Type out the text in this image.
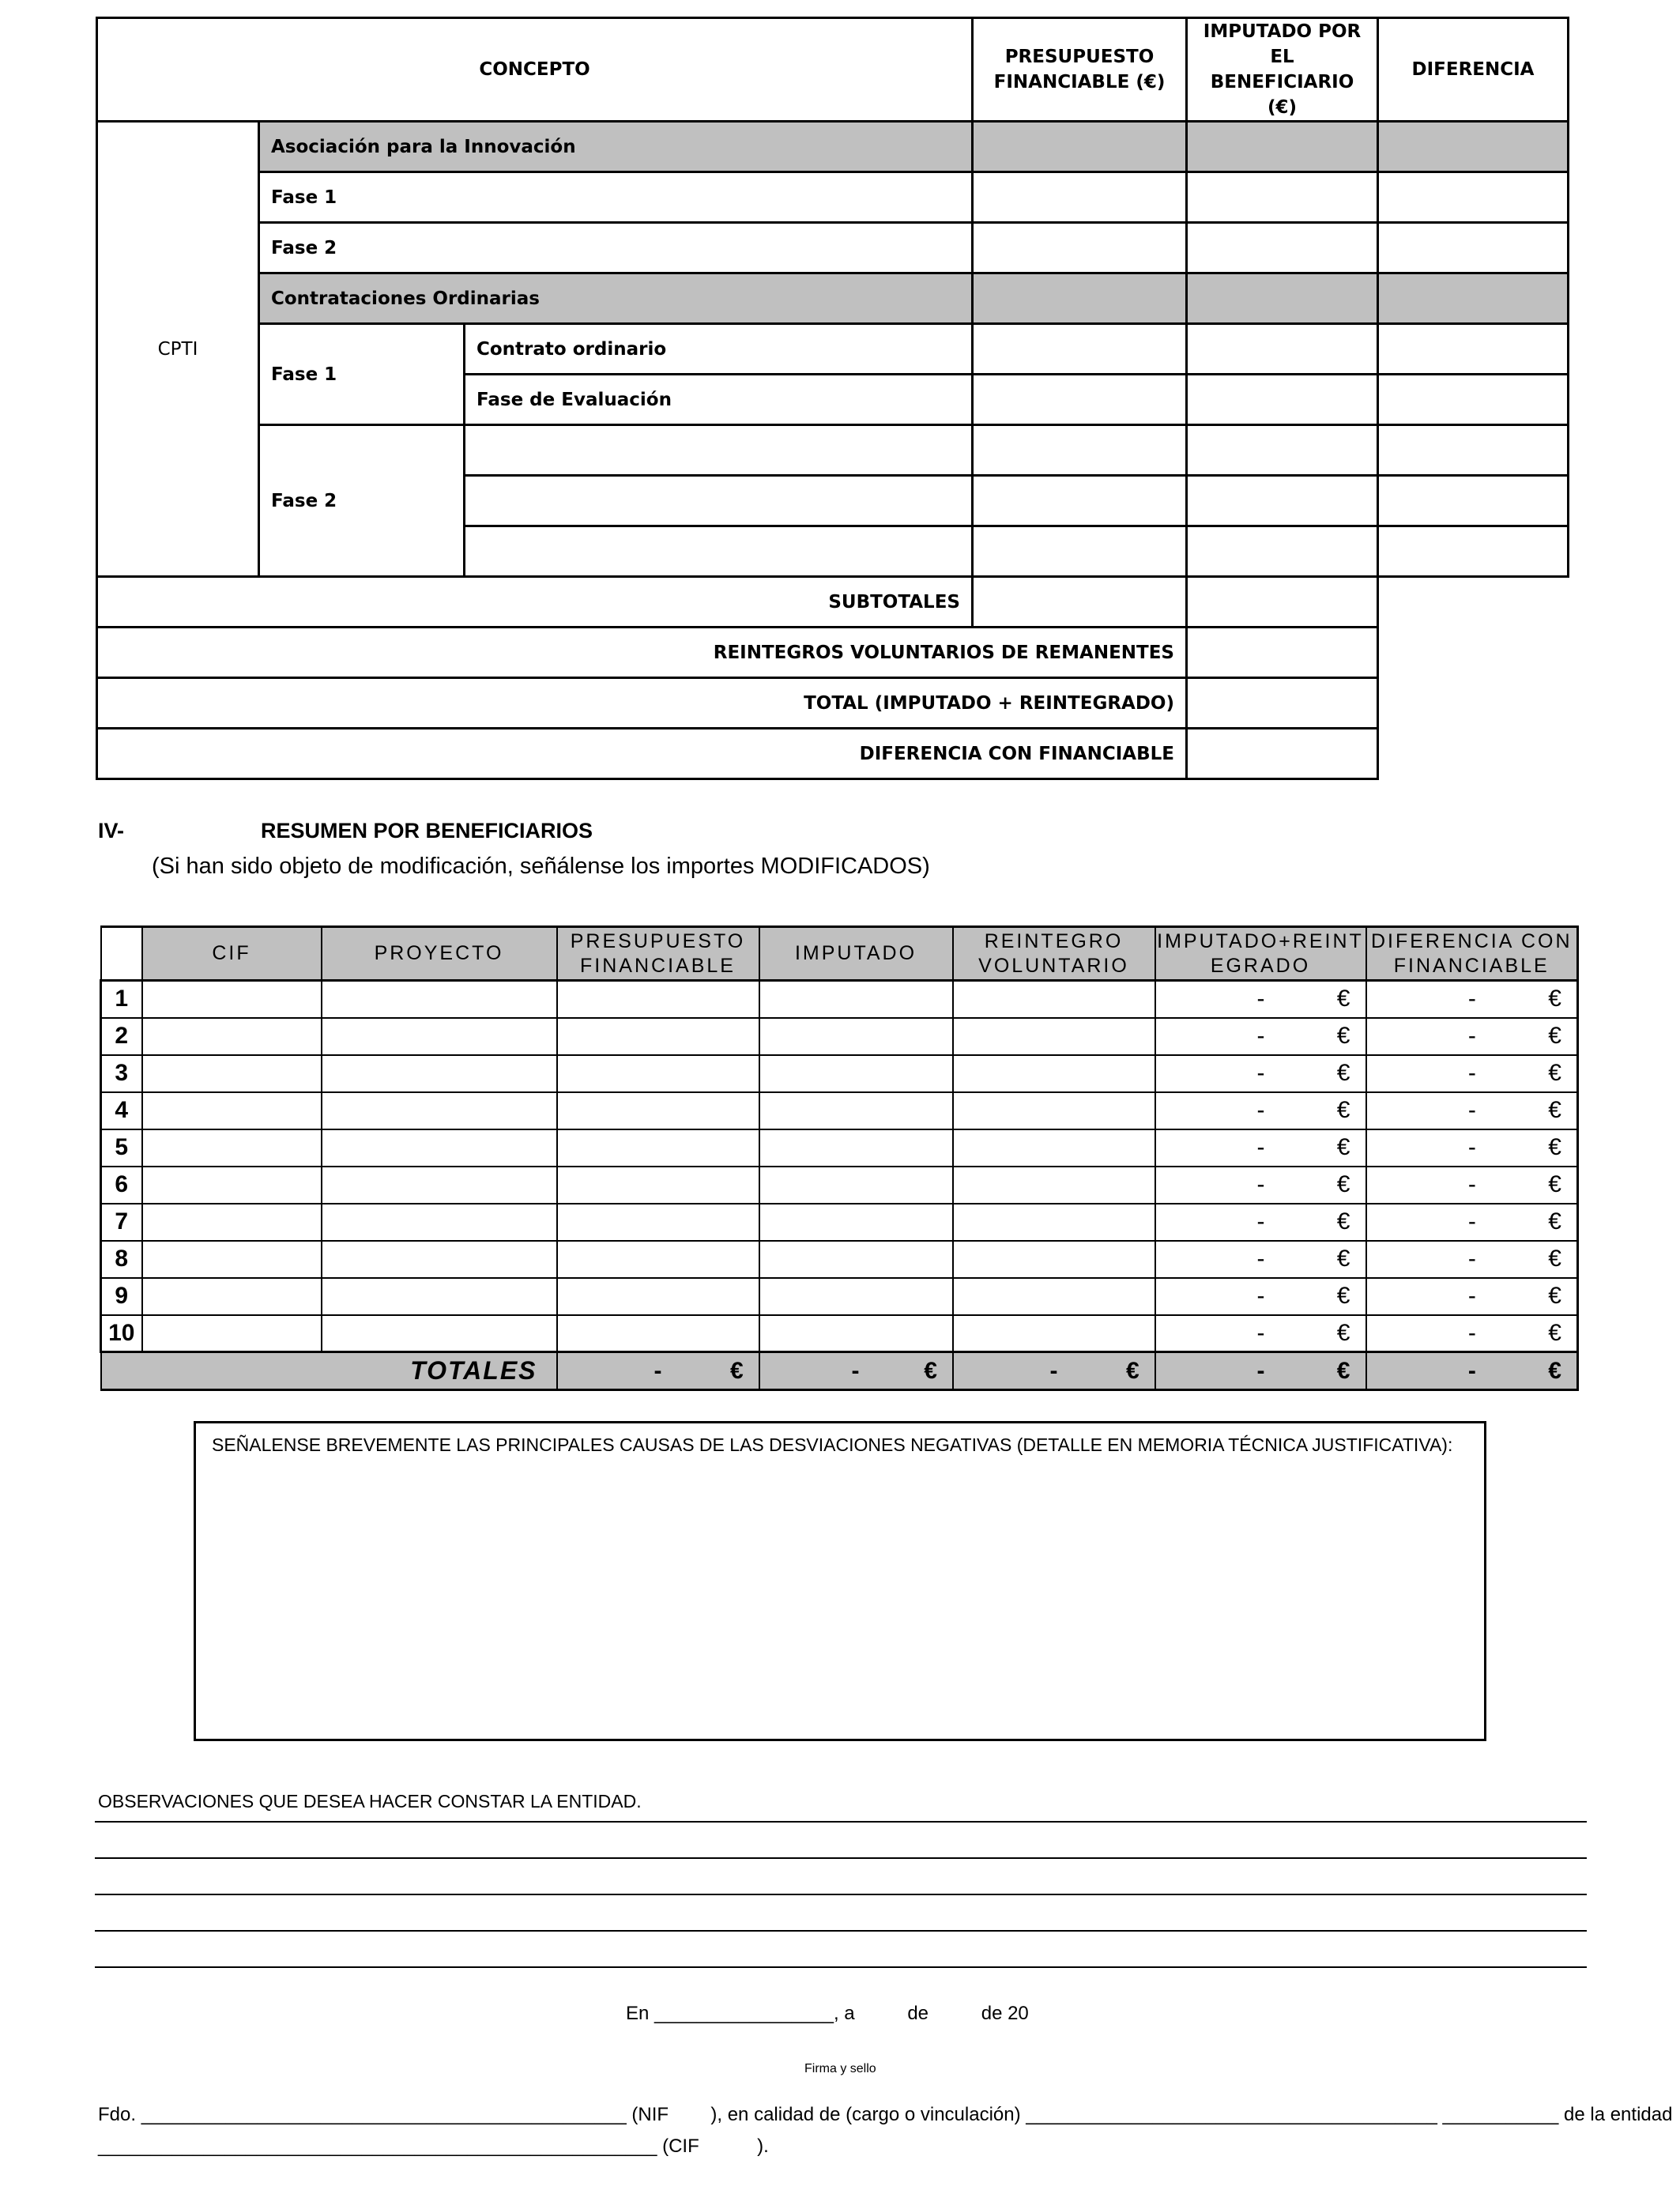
CONCEPTO			PRESUPUESTO FINANCIABLE (€)	IMPUTADO POR EL BENEFICIARIO (€)	DIFERENCIA
CPTI	Asociación para la Innovación				
	Fase 1				
	Fase 2				
	Contrataciones Ordinarias				
	Fase 1	Contrato ordinario			
		Fase de Evaluación			
	Fase 2				

SUBTOTALES					
REINTEGROS VOLUNTARIOS DE REMANENTES					
TOTAL (IMPUTADO + REINTEGRADO)					
DIFERENCIA CON FINANCIABLE					
IV-	RESUMEN POR BENEFICIARIOS
(Si han sido objeto de modificación, señálense los importes MODIFICADOS)
	CIF	PROYECTO	PRESUPUESTO FINANCIABLE	IMPUTADO	REINTEGRO VOLUNTARIO	IMPUTADO+REINTEGRADO	DIFERENCIA CON FINANCIABLE
1						- €	- €
2						- €	- €
3						- €	- €
4						- €	- €
5						- €	- €
6						- €	- €
7						- €	- €
8						- €	- €
9						- €	- €
10						- €	- €
TOTALES			- €	- €	- €	- €	- €
SEÑALENSE BREVEMENTE LAS PRINCIPALES CAUSAS DE LAS DESVIACIONES NEGATIVAS (DETALLE EN MEMORIA TÉCNICA JUSTIFICATIVA):
OBSERVACIONES QUE DESEA HACER CONSTAR LA ENTIDAD.
En _________________, a	de	de 20
Firma y sello
Fdo. ______________________________________________ (NIF ), en calidad de (cargo o vinculación) _______________________________________ ___________ de la entidad
_____________________________________________________ (CIF	).
